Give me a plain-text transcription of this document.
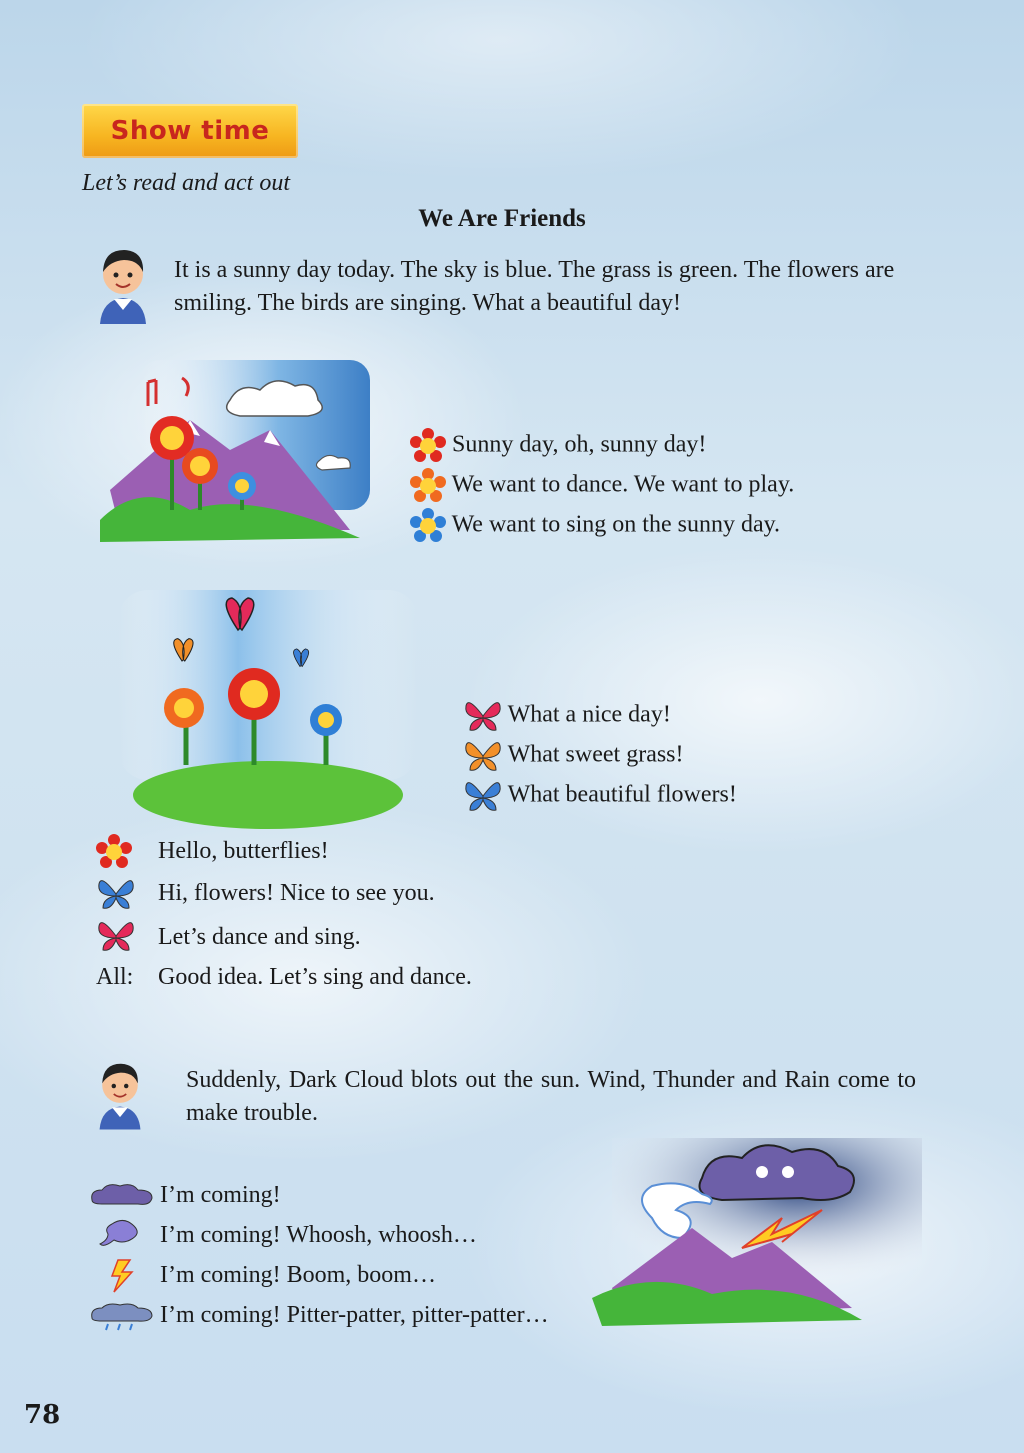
Show time
Let’s read and act out
We Are Friends
It is a sunny day today. The sky is blue. The grass is green. The flowers are smiling. The birds are singing. What a beautiful day!
Sunny day, oh, sunny day!
We want to dance. We want to play.
We want to sing on the sunny day.
What a nice day!
What sweet grass!
What beautiful flowers!
Hello, butterflies!
Hi, flowers! Nice to see you.
Let’s dance and sing.
All: Good idea. Let’s sing and dance.
Suddenly, Dark Cloud blots out the sun. Wind, Thunder and Rain come to make trouble.
I’m coming!
I’m coming! Whoosh, whoosh…
I’m coming! Boom, boom…
I’m coming! Pitter-patter, pitter-patter…
78
